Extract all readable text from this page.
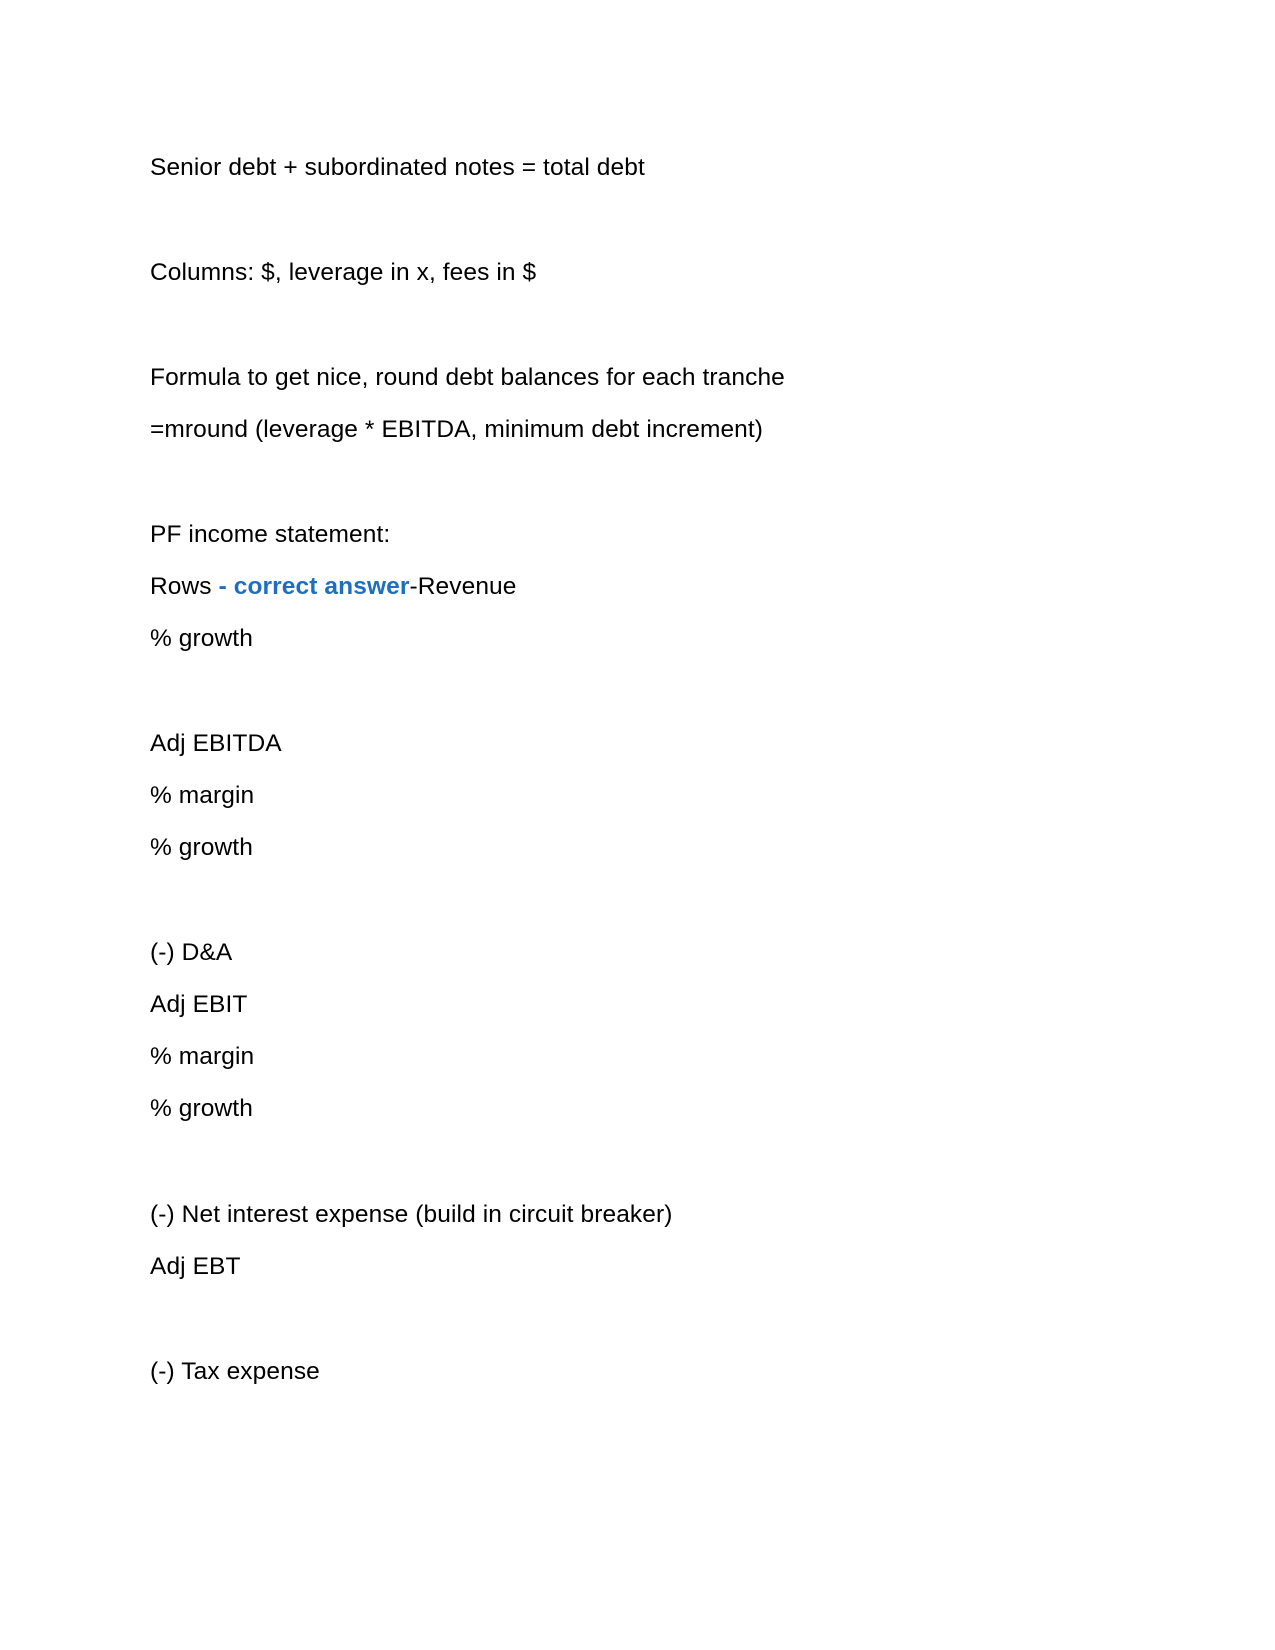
Senior debt + subordinated notes = total debt
Columns: $, leverage in x, fees in $
Formula to get nice, round debt balances for each tranche
=mround (leverage * EBITDA, minimum debt increment)
PF income statement:
Rows - correct answer-Revenue
% growth
Adj EBITDA
% margin
% growth
(-) D&A
Adj EBIT
% margin
% growth
(-) Net interest expense (build in circuit breaker)
Adj EBT
(-) Tax expense
